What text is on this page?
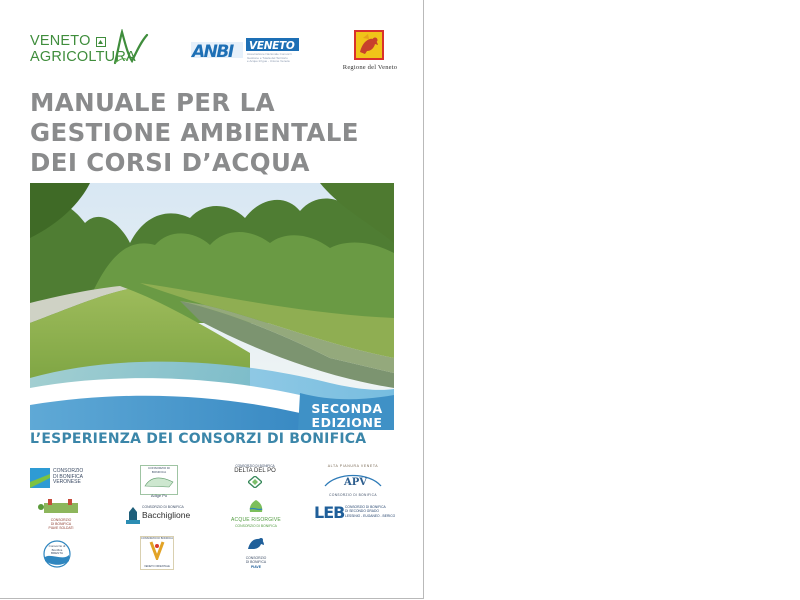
VENETO
AGRICOLTURA	ANBI VENETO
Associazione Nazionale Consorzi
Gestione e Tutela del Territorio
e Acque Irrigue - Unione Veneta
Regione del Veneto
MANUALE PER LA
GESTIONE AMBIENTALE
DEI CORSI D’ACQUA
SECONDA
EDIZIONE
L’ESPERIENZA DEI CONSORZI DI BONIFICA
CONSORZIO
DI BONIFICA
VERONESE
CONSORZIO DI BONIFICA
Adige Po
CONSORZIO DI BONIFICA
DELTA DEL PO
ALTA PIANURA VENETA
APV
CONSORZIO DI BONIFICA
CONSORZIO
DI BONIFICA
PIAVE SOLDATI
CONSORZIO DI BONIFICA
Bacchiglione	ACQUE RISORGIVE
CONSORZIO DI BONIFICA
LEB CONSORZIO DI BONIFICA
DI SECONDO GRADO
LESSINIO - EUGANEO - BERICO
Consorzio di
Bonifica
BRENTA
CONSORZIO DI BONIFICA
VENETO ORIENTALE
CONSORZIO
DI BONIFICA
PIAVE
